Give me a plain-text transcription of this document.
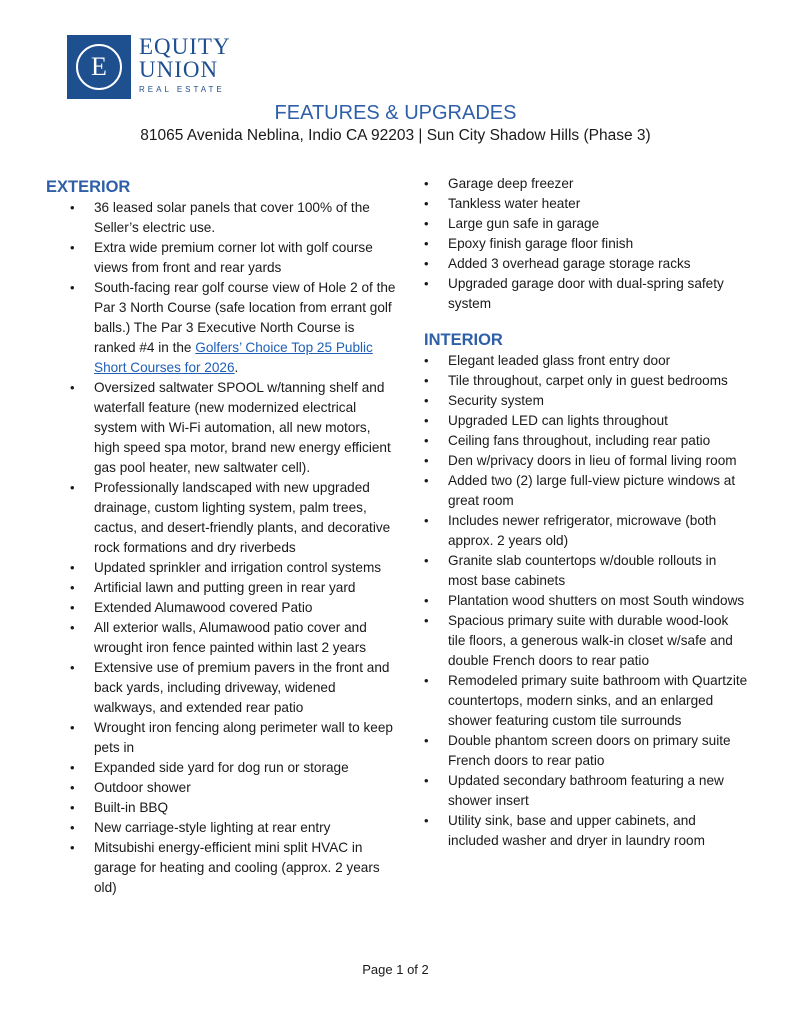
E
EQUITY
UNION
REAL ESTATE
FEATURES & UPGRADES
81065 Avenida Neblina, Indio CA 92203 | Sun City Shadow Hills (Phase 3)
EXTERIOR
• 36 leased solar panels that cover 100% of the Seller’s electric use.
• Extra wide premium corner lot with golf course views from front and rear yards
• South-facing rear golf course view of Hole 2 of the Par 3 North Course (safe location from errant golf balls.) The Par 3 Executive North Course is ranked #4 in the Golfers’ Choice Top 25 Public Short Courses for 2026.
• Oversized saltwater SPOOL w/tanning shelf and waterfall feature (new modernized electrical system with Wi-Fi automation, all new motors, high speed spa motor, brand new energy efficient gas pool heater, new saltwater cell).
• Professionally landscaped with new upgraded drainage, custom lighting system, palm trees, cactus, and desert-friendly plants, and decorative rock formations and dry riverbeds
• Updated sprinkler and irrigation control systems
• Artificial lawn and putting green in rear yard
• Extended Alumawood covered Patio
• All exterior walls, Alumawood patio cover and wrought iron fence painted within last 2 years
• Extensive use of premium pavers in the front and back yards, including driveway, widened walkways, and extended rear patio
• Wrought iron fencing along perimeter wall to keep pets in
• Expanded side yard for dog run or storage
• Outdoor shower
• Built-in BBQ
• New carriage-style lighting at rear entry
• Mitsubishi energy-efficient mini split HVAC in garage for heating and cooling (approx. 2 years old)
• Garage deep freezer
• Tankless water heater
• Large gun safe in garage
• Epoxy finish garage floor finish
• Added 3 overhead garage storage racks
• Upgraded garage door with dual-spring safety system
INTERIOR
• Elegant leaded glass front entry door
• Tile throughout, carpet only in guest bedrooms
• Security system
• Upgraded LED can lights throughout
• Ceiling fans throughout, including rear patio
• Den w/privacy doors in lieu of formal living room
• Added two (2) large full-view picture windows at great room
• Includes newer refrigerator, microwave (both approx. 2 years old)
• Granite slab countertops w/double rollouts in most base cabinets
• Plantation wood shutters on most South windows
• Spacious primary suite with durable wood-look tile floors, a generous walk-in closet w/safe and double French doors to rear patio
• Remodeled primary suite bathroom with Quartzite countertops, modern sinks, and an enlarged shower featuring custom tile surrounds
• Double phantom screen doors on primary suite French doors to rear patio
• Updated secondary bathroom featuring a new shower insert
• Utility sink, base and upper cabinets, and included washer and dryer in laundry room
Page 1 of 2
